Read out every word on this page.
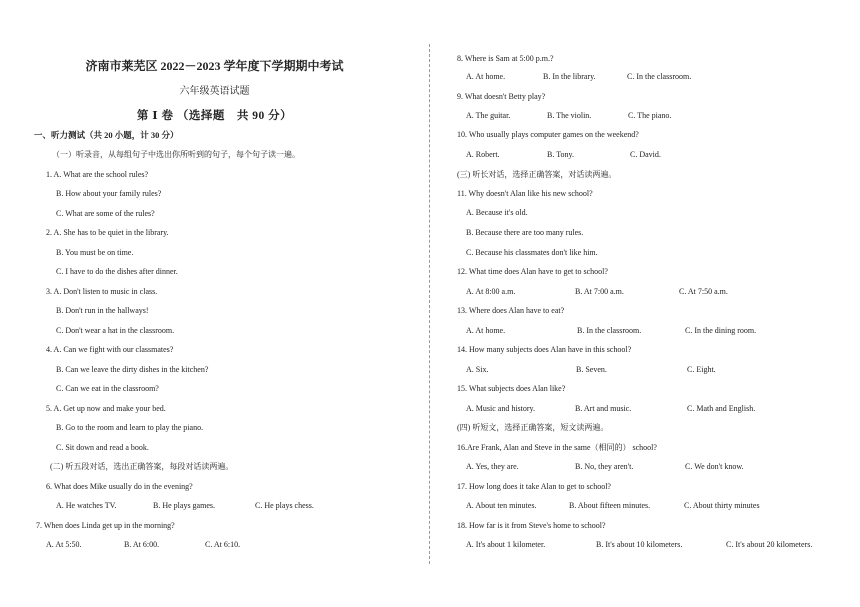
济南市莱芜区 2022－2023 学年度下学期期中考试
六年级英语试题
第 Ⅰ 卷 （选择题　共 90 分）
一、听力测试（共 20 小题，计 30 分）
（一）听录音，从每组句子中选出你所听到的句子，每个句子读一遍。
1. A. What are the school rules?
B. How about your family rules?
C. What are some of the rules?
2. A. She has to be quiet in the library.
B. You must be on time.
C. I have to do the dishes after dinner.
3. A. Don't listen to music in class.
B. Don't run in the hallways!
C. Don't wear a hat in the classroom.
4. A. Can we fight with our classmates?
B. Can we leave the dirty dishes in the kitchen?
C. Can we eat in the classroom?
5. A. Get up now and make your bed.
B. Go to the room and learn to play the piano.
C. Sit down and read a book.
(二) 听五段对话，选出正确答案，每段对话读两遍。
6. What does Mike usually do in the evening?
A. He watches TV.	B. He plays games.	C. He plays chess.
7. When does Linda get up in the morning?
A. At 5:50.	B. At 6:00.	C. At 6:10.
8. Where is Sam at 5:00 p.m.?
A. At home.	B. In the library.	C. In the classroom.
9. What doesn't Betty play?
A. The guitar.	B. The violin.	C. The piano.
10. Who usually plays computer games on the weekend?
A. Robert.	B. Tony.	C. David.
(三) 听长对话，选择正确答案，对话读两遍。
11. Why doesn't Alan like his new school?
A. Because it's old.
B. Because there are too many rules.
C. Because his classmates don't like him.
12. What time does Alan have to get to school?
A. At 8:00 a.m.	B. At 7:00 a.m.	C. At 7:50 a.m.
13. Where does Alan have to eat?
A. At home.	B. In the classroom.	C. In the dining room.
14. How many subjects does Alan have in this school?
A. Six.	B. Seven.	C. Eight.
15. What subjects does Alan like?
A. Music and history.	B. Art and music.	C. Math and English.
(四) 听短文，选择正确答案，短文读两遍。
16.Are Frank, Alan and Steve in the same（相同的） school?
A. Yes, they are.	B. No, they aren't.	C. We don't know.
17. How long does it take Alan to get to school?
A. About ten minutes.	B. About fifteen minutes.	C. About thirty minutes
18. How far is it from Steve's home to school?
A. It's about 1 kilometer.	B. It's about 10 kilometers.	C. It's about 20 kilometers.
